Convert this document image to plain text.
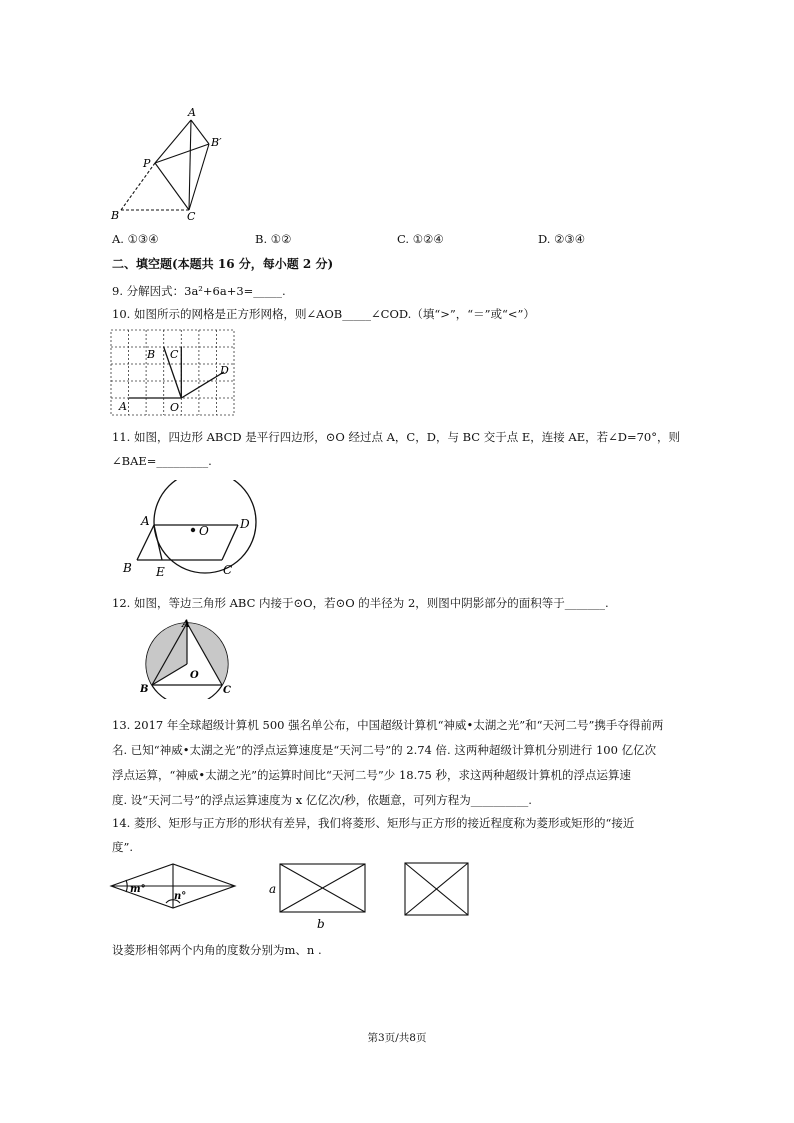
A
B′
P
B	C
A. ①③④	B. ①②	C. ①②④	D. ②③④
二、填空题(本题共 16 分，每小题 2 分)
9. 分解因式：3a²+6a+3=_____.
10. 如图所示的网格是正方形网格，则∠AOB_____∠COD.（填“>”，“＝”或“<”）
B C
D
A	O
11. 如图，四边形 ABCD 是平行四边形，⊙O 经过点 A，C，D，与 BC 交于点 E，连接 AE，若∠D=70°，则
∠BAE=_________.
A	D
O
B E	C
12. 如图，等边三角形 ABC 内接于⊙O，若⊙O 的半径为 2，则图中阴影部分的面积等于_______.
A
O
B	C
13. 2017 年全球超级计算机 500 强名单公布，中国超级计算机“神威•太湖之光”和“天河二号”携手夺得前两
名. 已知“神威•太湖之光”的浮点运算速度是“天河二号”的 2.74 倍. 这两种超级计算机分别进行 100 亿亿次
浮点运算，“神威•太湖之光”的运算时间比“天河二号”少 18.75 秒，求这两种超级计算机的浮点运算速
度. 设“天河二号”的浮点运算速度为 x 亿亿次/秒，依题意，可列方程为__________.
14. 菱形、矩形与正方形的形状有差异，我们将菱形、矩形与正方形的接近程度称为菱形或矩形的“接近
度”.
m°
n°
a
b
设菱形相邻两个内角的度数分别为m、n .
第3页/共8页
